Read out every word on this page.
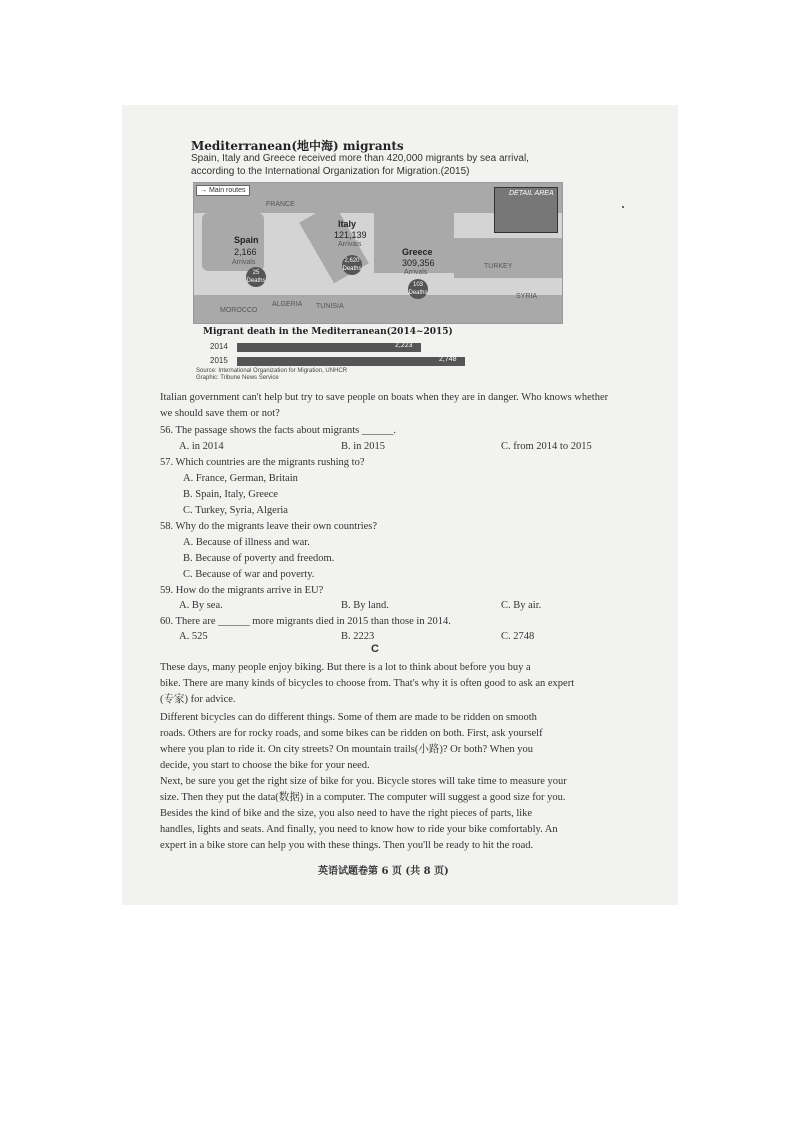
Mediterranean(地中海) migrants
Spain, Italy and Greece received more than 420,000 migrants by sea arrival, according to the International Organization for Migration.(2015)
→ Main routes	DETAIL AREA
FRANCE
ALGERIA TUNISIA
MOROCCO
TURKEY
SYRIA
Spain
2,166
Arrivals
25
Deaths
Italy
121,139
Arrivals
2,620
Deaths
Greece
309,356
Arrivals
103
Deaths
Migrant death in the Mediterranean(2014~2015)
2014	2,223
2015	2,748
Source: International Organization for Migration, UNHCR
Graphic: Tribune News Service
Italian government can't help but try to save people on boats when they are in danger. Who knows whether we should save them or not?
56. The passage shows the facts about migrants ______.
A. in 2014	B. in 2015	C. from 2014 to 2015
57. Which countries are the migrants rushing to?
A. France, German, Britain
B. Spain, Italy, Greece
C. Turkey, Syria, Algeria
58. Why do the migrants leave their own countries?
A. Because of illness and war.
B. Because of poverty and freedom.
C. Because of war and poverty.
59. How do the migrants arrive in EU?
A. By sea.	B. By land.	C. By air.
60. There are ______ more migrants died in 2015 than those in 2014.
A. 525	B. 2223	C. 2748
C
These days, many people enjoy biking. But there is a lot to think about before you buy a
bike. There are many kinds of bicycles to choose from. That's why it is often good to ask an expert
(专家) for advice.
Different bicycles can do different things. Some of them are made to be ridden on smooth
roads. Others are for rocky roads, and some bikes can be ridden on both. First, ask yourself
where you plan to ride it. On city streets? On mountain trails(小路)? Or both? When you
decide, you start to choose the bike for your need.
Next, be sure you get the right size of bike for you. Bicycle stores will take time to measure your
size. Then they put the data(数据) in a computer. The computer will suggest a good size for you.
Besides the kind of bike and the size, you also need to have the right pieces of parts, like
handles, lights and seats. And finally, you need to know how to ride your bike comfortably. An
expert in a bike store can help you with these things. Then you'll be ready to hit the road.
英语试题卷第 6 页 (共 8 页)
